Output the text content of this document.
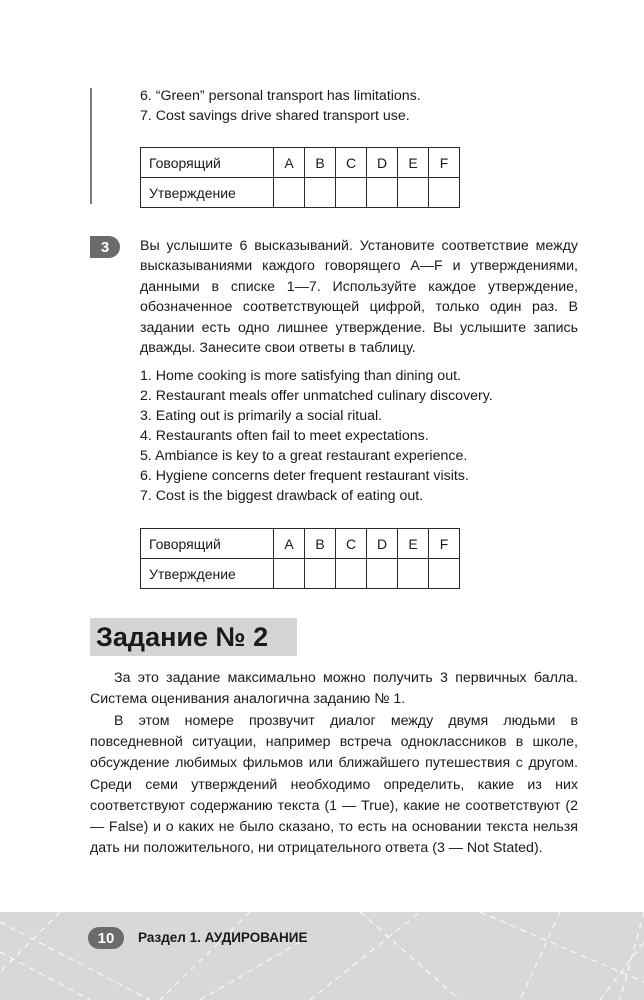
6. “Green” personal transport has limitations.
7. Cost savings drive shared transport use.
Говорящий	A	B	C	D	E	F
Утверждение						
3	Вы услышите 6 высказываний. Установите соответствие между высказываниями каждого говорящего A—F и утверждениями, данными в списке 1—7. Используйте каждое утверждение, обозначенное соответствующей цифрой, только один раз. В задании есть одно лишнее утверждение. Вы услышите запись дважды. Занесите свои ответы в таблицу.

1. Home cooking is more satisfying than dining out.
2. Restaurant meals offer unmatched culinary discovery.
3. Eating out is primarily a social ritual.
4. Restaurants often fail to meet expectations.
5. Ambiance is key to a great restaurant experience.
6. Hygiene concerns deter frequent restaurant visits.
7. Cost is the biggest drawback of eating out.
Говорящий	A	B	C	D	E	F
Утверждение						
Задание № 2

За это задание максимально можно получить 3 первичных балла. Система оценивания аналогична заданию № 1.

В этом номере прозвучит диалог между двумя людьми в повседневной ситуации, например встреча одноклассников в школе, обсуждение любимых фильмов или ближайшего путешествия с другом. Среди семи утверждений необходимо определить, какие из них соответствуют содержанию текста (1 — True), какие не соответствуют (2 — False) и о каких не было сказано, то есть на основании текста нельзя дать ни положительного, ни отрицательного ответа (3 — Not Stated).

10	Раздел 1. АУДИРОВАНИЕ
